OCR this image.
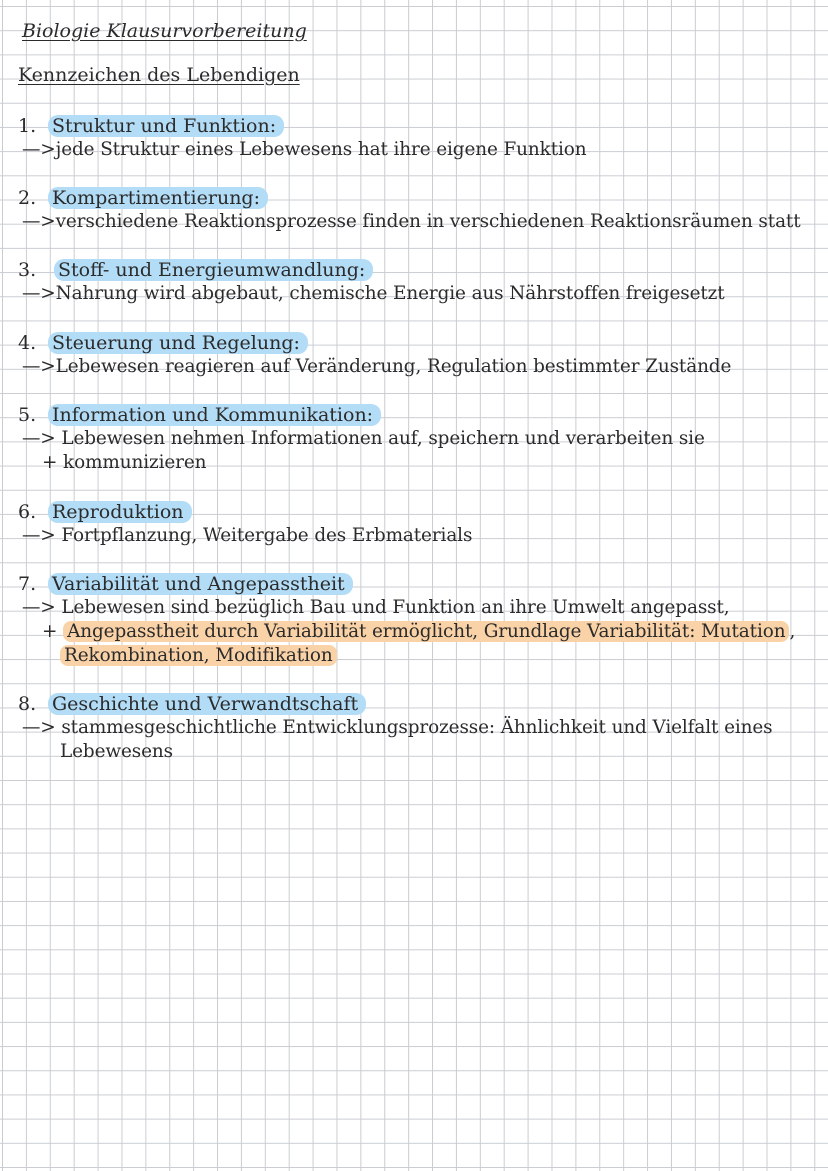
Biologie Klausurvorbereitung
Kennzeichen des Lebendigen
1. Struktur und Funktion:
—>jede Struktur eines Lebewesens hat ihre eigene Funktion
2. Kompartimentierung:
—>verschiedene Reaktionsprozesse finden in verschiedenen Reaktionsräumen statt
3. Stoff- und Energieumwandlung:
—>Nahrung wird abgebaut, chemische Energie aus Nährstoffen freigesetzt
4. Steuerung und Regelung:
—>Lebewesen reagieren auf Veränderung, Regulation bestimmter Zustände
5. Information und Kommunikation:
—> Lebewesen nehmen Informationen auf, speichern und verarbeiten sie
+ kommunizieren
6. Reproduktion
—> Fortpflanzung, Weitergabe des Erbmaterials
7. Variabilität und Angepasstheit
—> Lebewesen sind bezüglich Bau und Funktion an ihre Umwelt angepasst,
+ Angepasstheit durch Variabilität ermöglicht, Grundlage Variabilität: Mutation ,
Rekombination, Modifikation
8. Geschichte und Verwandtschaft
—> stammesgeschichtliche Entwicklungsprozesse: Ähnlichkeit und Vielfalt eines
Lebewesens
